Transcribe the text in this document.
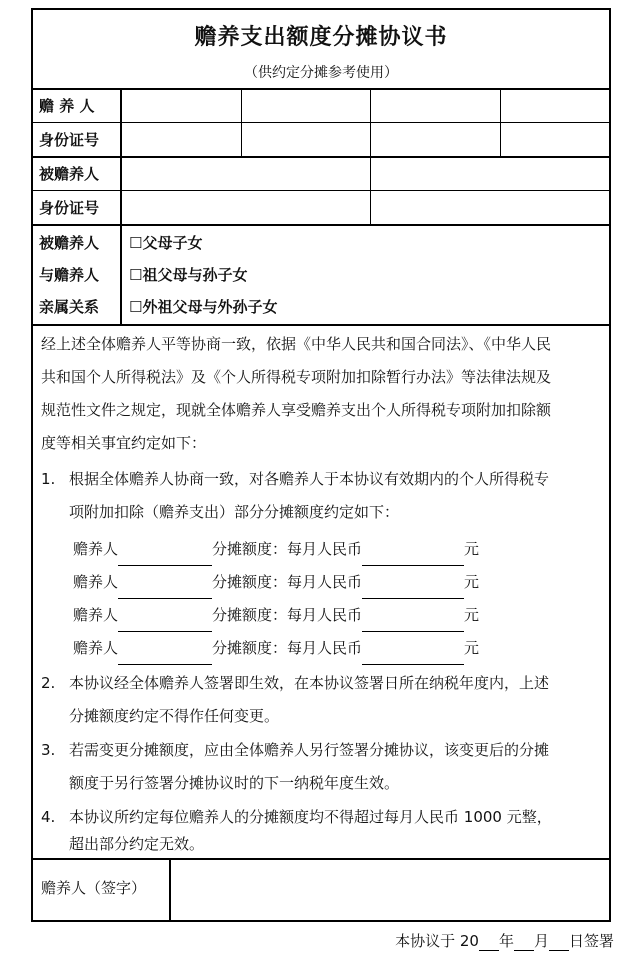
赡养支出额度分摊协议书
（供约定分摊参考使用）
赡 养 人
身份证号
被赡养人
身份证号
被赡养人
与赡养人
亲属关系
☐父母子女
☐祖父母与孙子女
☐外祖父母与外孙子女
经上述全体赡养人平等协商一致，依据《中华人民共和国合同法》、《中华人民
共和国个人所得税法》及《个人所得税专项附加扣除暂行办法》等法律法规及
规范性文件之规定，现就全体赡养人享受赡养支出个人所得税专项附加扣除额
度等相关事宜约定如下：
1. 根据全体赡养人协商一致，对各赡养人于本协议有效期内的个人所得税专
项附加扣除（赡养支出）部分分摊额度约定如下：
赡养人	分摊额度：每月人民币	元
赡养人	分摊额度：每月人民币	元
赡养人	分摊额度：每月人民币	元
赡养人	分摊额度：每月人民币	元
2. 本协议经全体赡养人签署即生效，在本协议签署日所在纳税年度内，上述
分摊额度约定不得作任何变更。
3. 若需变更分摊额度，应由全体赡养人另行签署分摊协议，该变更后的分摊
额度于另行签署分摊协议时的下一纳税年度生效。
4. 本协议所约定每位赡养人的分摊额度均不得超过每月人民币 1000 元整，
超出部分约定无效。
赡养人（签字）
本协议于 20 年 月 日签署
